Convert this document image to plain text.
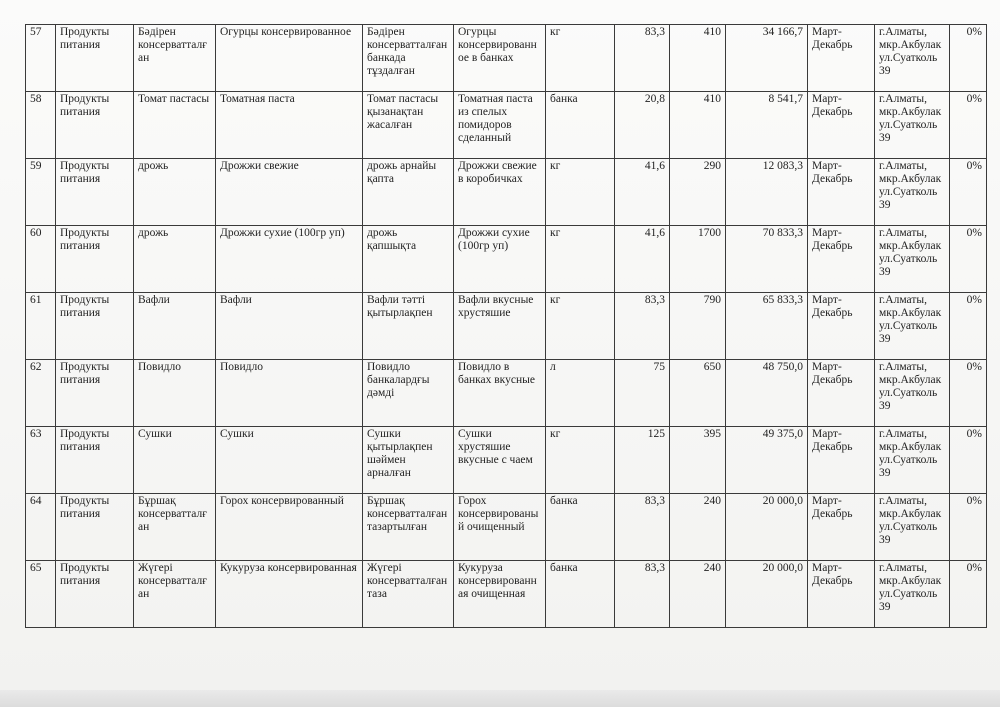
57	Продукты питания	Бәдірен консерватталған	Огурцы консервированное	Бәдірен консерватталған банкада тұздалған	Огурцы консервированное в банках	кг	83,3	410	34 166,7	Март-Декабрь	г.Алматы, мкр.Акбулак ул.Суатколь 39	0%
58	Продукты питания	Томат пастасы	Томатная паста	Томат пастасы қызанақтан жасалған	Томатная паста из спелых помидоров сделанный	банка	20,8	410	8 541,7	Март-Декабрь	г.Алматы, мкр.Акбулак ул.Суатколь 39	0%
59	Продукты питания	дрожь	Дрожжи свежие	дрожь арнайы қапта	Дрожжи свежие в коробичках	кг	41,6	290	12 083,3	Март-Декабрь	г.Алматы, мкр.Акбулак ул.Суатколь 39	0%
60	Продукты питания	дрожь	Дрожжи сухие (100гр уп)	дрожь қапшықта	Дрожжи сухие (100гр уп)	кг	41,6	1700	70 833,3	Март-Декабрь	г.Алматы, мкр.Акбулак ул.Суатколь 39	0%
61	Продукты питания	Вафли	Вафли	Вафли тәтті қытырлақпен	Вафли вкусные хрустяшие	кг	83,3	790	65 833,3	Март-Декабрь	г.Алматы, мкр.Акбулак ул.Суатколь 39	0%
62	Продукты питания	Повидло	Повидло	Повидло банкалардғы дәмді	Повидло в банках вкусные	л	75	650	48 750,0	Март-Декабрь	г.Алматы, мкр.Акбулак ул.Суатколь 39	0%
63	Продукты питания	Сушки	Сушки	Сушки қытырлақпен шәймен арналған	Сушки хрустяшие вкусные с чаем	кг	125	395	49 375,0	Март-Декабрь	г.Алматы, мкр.Акбулак ул.Суатколь 39	0%
64	Продукты питания	Бұршақ консерватталған	Горох консервированный	Бұршақ консерватталған тазартылған	Горох консервированый очищенный	банка	83,3	240	20 000,0	Март-Декабрь	г.Алматы, мкр.Акбулак ул.Суатколь 39	0%
65	Продукты питания	Жүгері консерватталған	Кукуруза консервированная	Жүгері консерватталған таза	Кукуруза консервированная очищенная	банка	83,3	240	20 000,0	Март-Декабрь	г.Алматы, мкр.Акбулак ул.Суатколь 39	0%
